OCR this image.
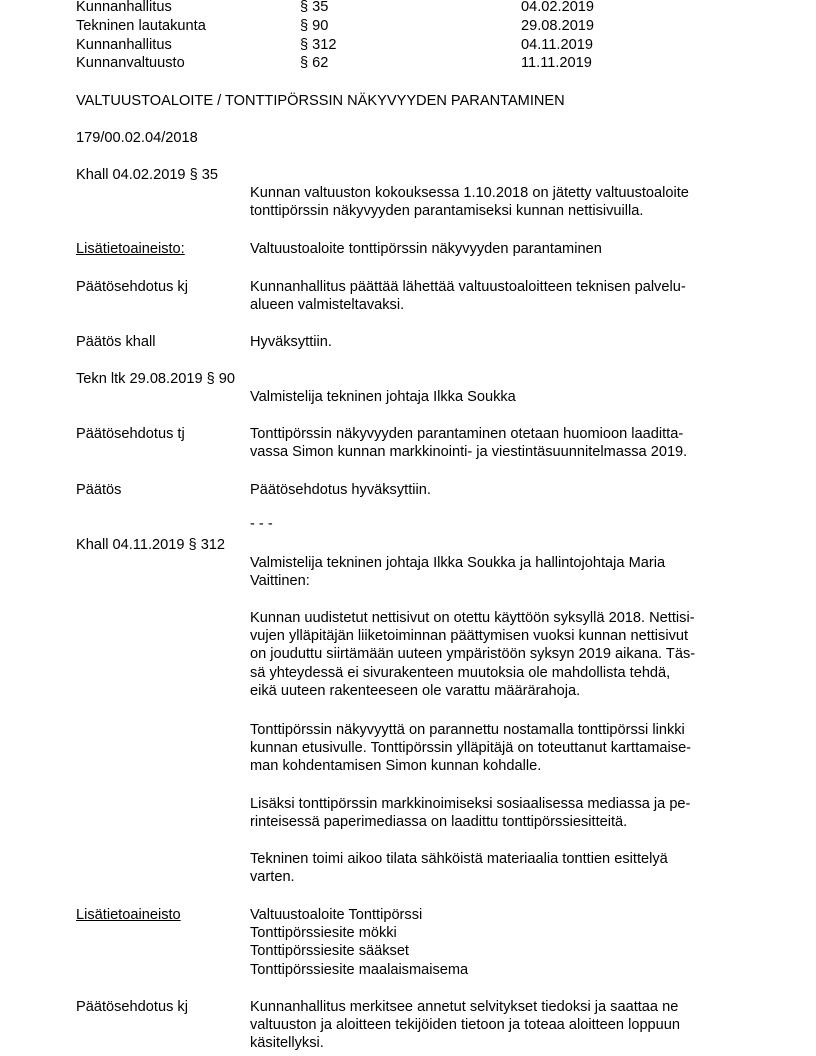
Kunnanhallitus	§ 35	04.02.2019
Tekninen lautakunta	§ 90	29.08.2019
Kunnanhallitus	§ 312	04.11.2019
Kunnanvaltuusto	§ 62	11.11.2019
VALTUUSTOALOITE / TONTTIPÖRSSIN NÄKYVYYDEN PARANTAMINEN
179/00.02.04/2018
Khall 04.02.2019 § 35
Kunnan valtuuston kokouksessa 1.10.2018 on jätetty valtuustoaloite
tonttipörssin näkyvyyden parantamiseksi kunnan nettisivuilla.
Lisätietoaineisto:	Valtuustoaloite tonttipörssin näkyvyyden parantaminen
Päätösehdotus kj	Kunnanhallitus päättää lähettää valtuustoaloitteen teknisen palvelu-
alueen valmisteltavaksi.
Päätös khall	Hyväksyttiin.
Tekn ltk 29.08.2019 § 90
Valmistelija tekninen johtaja Ilkka Soukka
Päätösehdotus tj	Tonttipörssin näkyvyyden parantaminen otetaan huomioon laaditta-
vassa Simon kunnan markkinointi- ja viestintäsuunnitelmassa 2019.
Päätös	Päätösehdotus hyväksyttiin.
- - -
Khall 04.11.2019 § 312
Valmistelija tekninen johtaja Ilkka Soukka ja hallintojohtaja Maria
Vaittinen:
Kunnan uudistetut nettisivut on otettu käyttöön syksyllä 2018. Nettisi-
vujen ylläpitäjän liiketoiminnan päättymisen vuoksi kunnan nettisivut
on jouduttu siirtämään uuteen ympäristöön syksyn 2019 aikana. Täs-
sä yhteydessä ei sivurakenteen muutoksia ole mahdollista tehdä,
eikä uuteen rakenteeseen ole varattu määrärahoja.
Tonttipörssin näkyvyyttä on parannettu nostamalla tonttipörssi linkki
kunnan etusivulle. Tonttipörssin ylläpitäjä on toteuttanut karttamaise-
man kohdentamisen Simon kunnan kohdalle.
Lisäksi tonttipörssin markkinoimiseksi sosiaalisessa mediassa ja pe-
rinteisessä paperimediassa on laadittu tonttipörssiesitteitä.
Tekninen toimi aikoo tilata sähköistä materiaalia tonttien esittelyä
varten.
Lisätietoaineisto	Valtuustoaloite Tonttipörssi
Tonttipörssiesite mökki
Tonttipörssiesite sääkset
Tonttipörssiesite maalaismaisema
Päätösehdotus kj	Kunnanhallitus merkitsee annetut selvitykset tiedoksi ja saattaa ne
valtuuston ja aloitteen tekijöiden tietoon ja toteaa aloitteen loppuun
käsitellyksi.
